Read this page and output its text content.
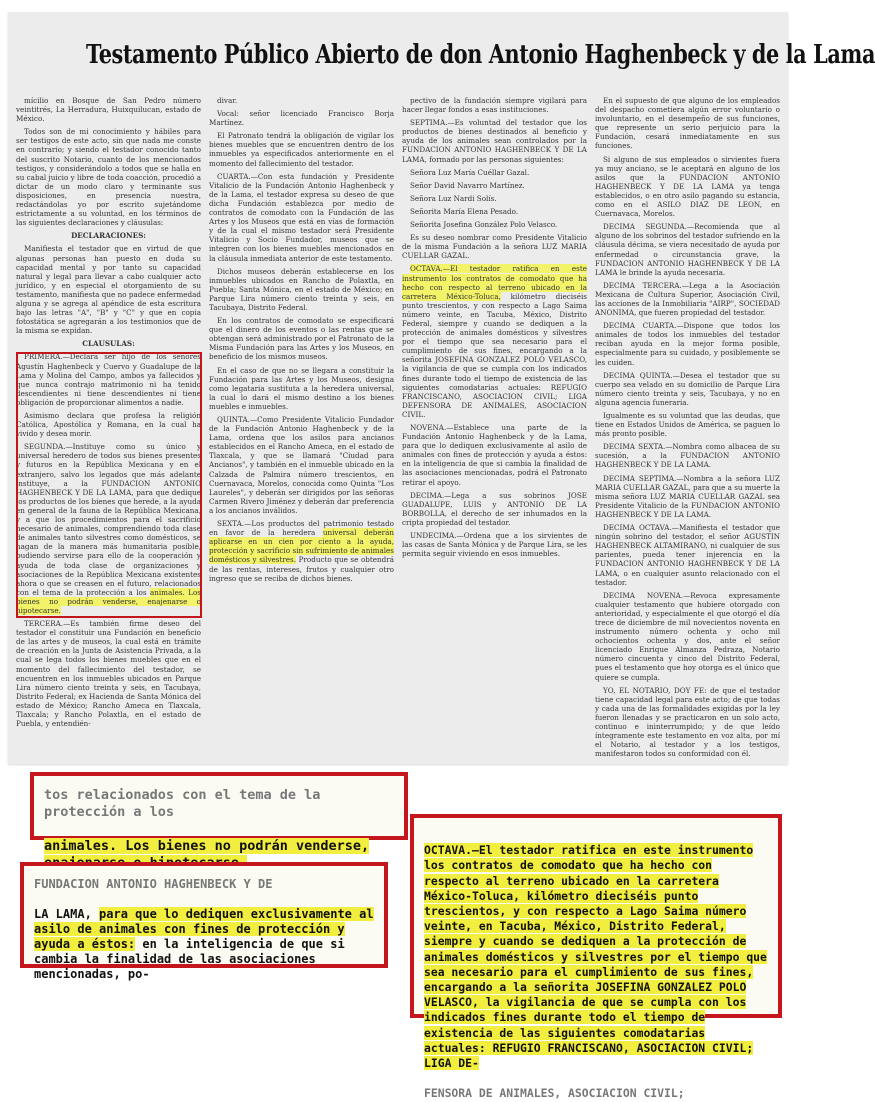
Testamento Público Abierto de don Antonio Haghenbeck y de la Lama

mícilio en Bosque de San Pedro número veintitrés, La Herradura, Huixquilucan, estado de México.

Todos son de mi conocimiento y hábiles para ser testigos de este acto, sin que nada me conste en contrario; y siendo el testador conocido tanto del suscrito Notario, cuanto de los mencionados testigos, y considerándolo a todos que se halla en su cabal juicio y libre de toda coacción, procedió a dictar de un modo claro y terminante sus disposiciones, en presencia nuestra, redactándolas yo por escrito sujetándome estrictamente a su voluntad, en los términos de las siguientes declaraciones y cláusulas:

DECLARACIONES:

Manifiesta el testador que en virtud de que algunas personas han puesto en duda su capacidad mental y por tanto su capacidad natural y legal para llevar a cabo cualquier acto jurídico, y en especial el otorgamiento de su testamento, manifiesta que no padece enfermedad alguna y se agrega al apéndice de esta escritura bajo las letras "A", "B" y "C" y que en copia fotostática se agregarán a los testimonios que de la misma se expidan.

CLAUSULAS:

PRIMERA.—Declara ser hijo de los señores Agustín Haghenbeck y Cuervo y Guadalupe de la Lama y Molina del Campo, ambos ya fallecidos y que nunca contrajo matrimonio ni ha tenido descendientes ni tiene descendientes ni tiene obligación de proporcionar alimentos a nadie.

Asimismo declara que profesa la religión Católica, Apostólica y Romana, en la cual ha vivido y desea morir.

SEGUNDA.—Instituye como su único y universal heredero de todos sus bienes presentes y futuros en la República Mexicana y en el extranjero, salvo los legados que más adelante instituye, a la FUNDACION ANTONIO HAGHENBECK Y DE LA LAMA, para que dedique los productos de los bienes que herede, a la ayuda en general de la fauna de la República Mexicana, y a que los procedimientos para el sacrificio necesario de animales, comprendiendo toda clase de animales tanto silvestres como domésticos, se hagan de la manera más humanitaria posible, pudiendo servirse para ello de la cooperación y ayuda de toda clase de organizaciones y asociaciones de la República Mexicana existentes ahora o que se creasen en el futuro, relacionados con el tema de la protección a los animales. Los bienes no podrán venderse, enajenarse o hipotecarse.

TERCERA.—Es también firme deseo del testador el constituir una Fundación en beneficio de las artes y de museos, la cual está en trámite de creación en la Junta de Asistencia Privada, a la cual se lega todos los bienes muebles que en el momento del fallecimiento del testador, se encuentren en los inmuebles ubicados en Parque Lira número ciento treinta y seis, en Tacubaya, Distrito Federal; ex Hacienda de Santa Mónica del estado de México; Rancho Ameca en Tlaxcala, Tlaxcala; y Rancho Polaxtla, en el estado de Puebla, y entendién-

divar.

Vocal: señor licenciado Francisco Borja Martínez.

El Patronato tendrá la obligación de vigilar los bienes muebles que se encuentren dentro de los inmuebles ya especificados anteriormente en el momento del fallecimiento del testador.

CUARTA.—Con esta fundación y Presidente Vitalicio de la Fundación Antonio Haghenbeck y de la Lama, el testador expresa su deseo de que dicha Fundación establezca por medio de contratos de comodato con la Fundación de las Artes y los Museos que está en vías de formación y de la cual el mismo testador será Presidente Vitalicio y Socio Fundador, museos que se integren con los bienes muebles mencionados en la cláusula inmediata anterior de este testamento.

Dichos museos deberán establecerse en los inmuebles ubicados en Rancho de Polaxtla, en Puebla; Santa Mónica, en el estado de México; en Parque Lira número ciento treinta y seis, en Tacubaya, Distrito Federal.

En los contratos de comodato se especificará que el dinero de los eventos o las rentas que se obtengan será administrado por el Patronato de la Misma Fundación para las Artes y los Museos, en beneficio de los mismos museos.

En el caso de que no se llegara a constituir la Fundación para las Artes y los Museos, designa como legataria sustituta a la heredera universal, la cual lo dará el mismo destino a los bienes muebles e inmuebles.

QUINTA.—Como Presidente Vitalicio Fundador de la Fundación Antonio Haghenbeck y de la Lama, ordena que los asilos para ancianos establecidos en el Rancho Ameca, en el estado de Tlaxcala, y que se llamará "Ciudad para Ancianos", y también en el inmueble ubicado en la Calzada de Palmira número trescientos, en Cuernavaca, Morelos, conocida como Quinta "Los Laureles", y deberán ser dirigidos por las señoras Carmen Rivero Jiménez y deberán dar preferencia a los ancianos inválidos.

SEXTA.—Los productos del patrimonio testado en favor de la heredera universal deberán aplicarse en un cien por ciento a la ayuda, protección y sacrificio sin sufrimiento de animales domésticos y silvestres. Producto que se obtendrá de las rentas, intereses, frutos y cualquier otro ingreso que se reciba de dichos bienes.

pectivo de la fundación siempre vigilará para hacer llegar fondos a esas instituciones.

SEPTIMA.—Es voluntad del testador que los productos de bienes destinados al beneficio y ayuda de los animales sean controlados por la FUNDACION ANTONIO HAGHENBECK Y DE LA LAMA, formado por las personas siguientes:

Señora Luz María Cuéllar Gazal.

Señor David Navarro Martínez.

Señora Luz Nardi Solís.

Señorita María Elena Pesado.

Señorita Josefina González Polo Velasco.

Es su deseo nombrar como Presidente Vitalicio de la misma Fundación a la señora LUZ MARIA CUELLAR GAZAL.

OCTAVA.—El testador ratifica en este instrumento los contratos de comodato que ha hecho con respecto al terreno ubicado en la carretera México-Toluca, kilómetro dieciséis punto trescientos, y con respecto a Lago Saima número veinte, en Tacuba, México, Distrito Federal, siempre y cuando se dediquen a la protección de animales domésticos y silvestres por el tiempo que sea necesario para el cumplimiento de sus fines, encargando a la señorita JOSEFINA GONZALEZ POLO VELASCO, la vigilancia de que se cumpla con los indicados fines durante todo el tiempo de existencia de las siguientes comodatarias actuales: REFUGIO FRANCISCANO, ASOCIACION CIVIL; LIGA DEFENSORA DE ANIMALES, ASOCIACION CIVIL.

NOVENA.—Establece una parte de la Fundación Antonio Haghenbeck y de la Lama, para que lo dediquen exclusivamente al asilo de animales con fines de protección y ayuda a éstos: en la inteligencia de que si cambia la finalidad de las asociaciones mencionadas, podrá el Patronato retirar el apoyo.

DECIMA.—Lega a sus sobrinos JOSE GUADALUPE, LUIS y ANTONIO DE LA BORBOLLA, el derecho de ser inhumados en la cripta propiedad del testador.

UNDECIMA.—Ordena que a los sirvientes de las casas de Santa Mónica y de Parque Lira, se les permita seguir viviendo en esos inmuebles.

En el supuesto de que alguno de los empleados del despacho cometiera algún error voluntario o involuntario, en el desempeño de sus funciones, que represente un serio perjuicio para la Fundación, cesará inmediatamente en sus funciones.

Si alguno de sus empleados o sirvientes fuera ya muy anciano, se le aceptará en alguno de los asilos que la FUNDACION ANTONIO HAGHENBECK Y DE LA LAMA ya tenga establecidos, o en otro asilo pagando su estancia, como en el ASILO DIAZ DE LEON, en Cuernavaca, Morelos.

DECIMA SEGUNDA.—Recomienda que al alguno de los sobrinos del testador sufriendo en la cláusula décima, se viera necesitado de ayuda por enfermedad o circunstancia grave, la FUNDACION ANTONIO HAGHENBECK Y DE LA LAMA le brinde la ayuda necesaria.

DECIMA TERCERA.—Lega a la Asociación Mexicana de Cultura Superior, Asociación Civil, las acciones de la Inmobiliaria "AIRP", SOCIEDAD ANONIMA, que fueren propiedad del testador.

DECIMA CUARTA.—Dispone que todos los animales de todos los inmuebles del testador reciban ayuda en la mejor forma posible, especialmente para su cuidado, y posiblemente se les cuiden.

DECIMA QUINTA.—Desea el testador que su cuerpo sea velado en su domicilio de Parque Lira número ciento treinta y seis, Tacubaya, y no en alguna agencia funeraria.

Igualmente es su voluntad que las deudas, que tiene en Estados Unidos de América, se paguen lo más pronto posible.

DECIMA SEXTA.—Nombra como albacea de su sucesión, a la FUNDACION ANTONIO HAGHENBECK Y DE LA LAMA.

DECIMA SEPTIMA.—Nombra a la señora LUZ MARIA CUELLAR GAZAL, para que a su muerte la misma señora LUZ MARIA CUELLAR GAZAL sea Presidente Vitalicio de la FUNDACION ANTONIO HAGHENBECK Y DE LA LAMA.

DECIMA OCTAVA.—Manifiesta el testador que ningún sobrino del testador, el señor AGUSTIN HAGHENBECK ALTAMIRANO, ni cualquier de sus parientes, pueda tener injerencia en la FUNDACION ANTONIO HAGHENBECK Y DE LA LAMA, o en cualquier asunto relacionado con el testador.

DECIMA NOVENA.—Revoca expresamente cualquier testamento que hubiere otorgado con anterioridad, y especialmente el que otorgó el día trece de diciembre de mil novecientos noventa en instrumento número ochenta y ocho mil ochocientos ochenta y dos, ante el señor licenciado Enrique Almanza Pedraza, Notario número cincuenta y cinco del Distrito Federal, pues el testamento que hoy otorga es el único que quiere se cumpla.

YO, EL NOTARIO, DOY FE: de que el testador tiene capacidad legal para este acto; de que todas y cada una de las formalidades exigidas por la ley fueron llenadas y se practicaron en un solo acto, continuo e ininterrumpido; y de que leído íntegramente este testamento en voz alta, por mí el Notario, al testador y a los testigos, manifestaron todos su conformidad con él.

tos relacionados con el tema de la protección a los

animales. Los bienes no podrán venderse,

FUNDACION ANTONIO HAGHENBECK Y DE

LA LAMA, para que lo dediquen exclusivamente al asilo de animales con fines de protección y ayuda a éstos: en la inteligencia de que si cambia la finalidad de las asociaciones mencionadas, po-

OCTAVA.—El testador ratifica en este instrumento los contratos de comodato que ha hecho con respecto al terreno ubicado en la carretera México-Toluca, kilómetro dieciséis punto trescientos, y con respecto a Lago Saima número veinte, en Tacuba, México, Distrito Federal, siempre y cuando se dediquen a la protección de animales domésticos y silvestres por el tiempo que sea necesario para el cumplimiento de sus fines, encargando a la señorita JOSEFINA GONZALEZ POLO VELASCO, la vigilancia de que se cumpla con los indicados fines durante todo el tiempo de existencia de las siguientes comodatarias actuales: REFUGIO FRANCISCANO, ASOCIACION CIVIL; LIGA DE-

FENSORA DE ANIMALES, ASOCIACION CIVIL;
